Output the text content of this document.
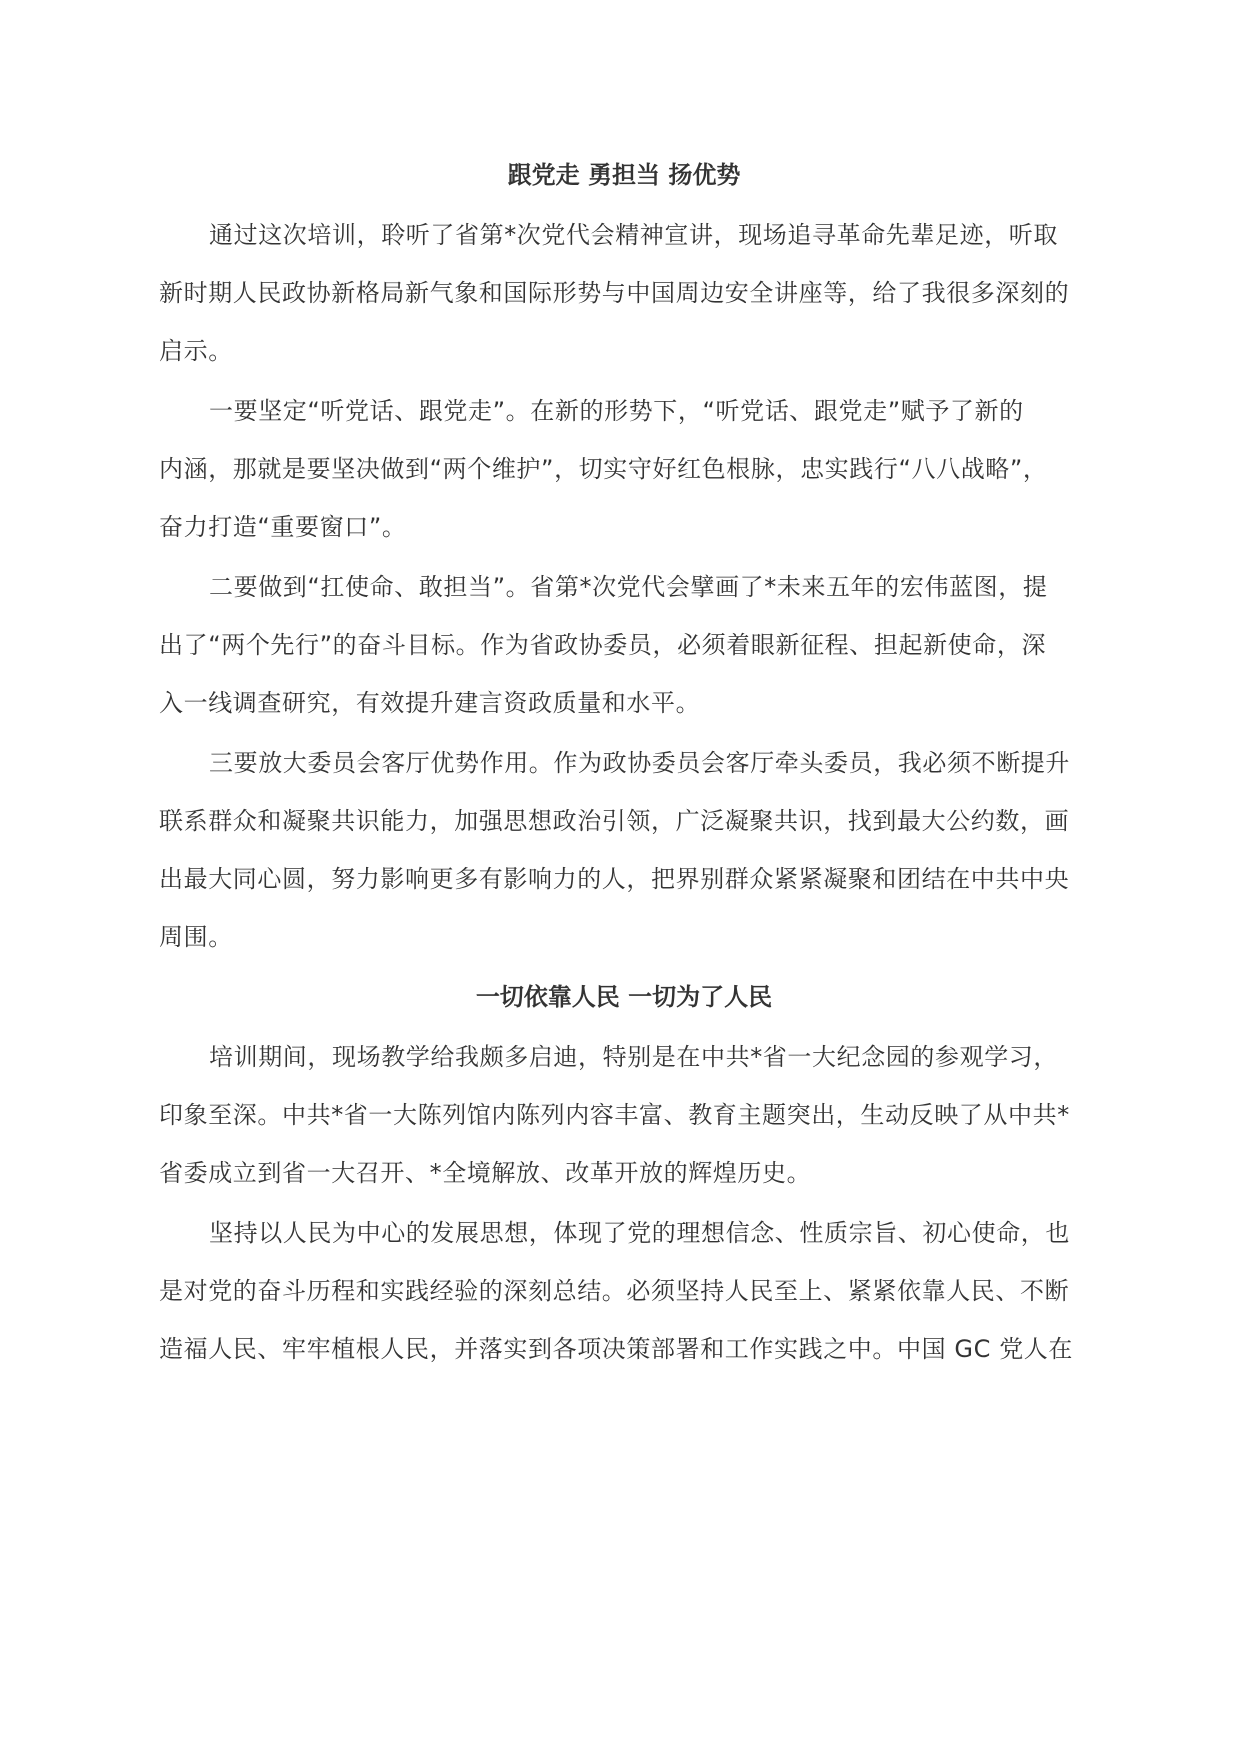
跟党走 勇担当 扬优势
通过这次培训，聆听了省第*次党代会精神宣讲，现场追寻革命先辈足迹，听取
新时期人民政协新格局新气象和国际形势与中国周边安全讲座等，给了我很多深刻的
启示。
一要坚定“听党话、跟党走”。在新的形势下，“听党话、跟党走”赋予了新的
内涵，那就是要坚决做到“两个维护”，切实守好红色根脉，忠实践行“八八战略”，
奋力打造“重要窗口”。
二要做到“扛使命、敢担当”。省第*次党代会擘画了*未来五年的宏伟蓝图，提
出了“两个先行”的奋斗目标。作为省政协委员，必须着眼新征程、担起新使命，深
入一线调查研究，有效提升建言资政质量和水平。
三要放大委员会客厅优势作用。作为政协委员会客厅牵头委员，我必须不断提升
联系群众和凝聚共识能力，加强思想政治引领，广泛凝聚共识，找到最大公约数，画
出最大同心圆，努力影响更多有影响力的人，把界别群众紧紧凝聚和团结在中共中央
周围。
一切依靠人民 一切为了人民
培训期间，现场教学给我颇多启迪，特别是在中共*省一大纪念园的参观学习，
印象至深。中共*省一大陈列馆内陈列内容丰富、教育主题突出，生动反映了从中共*
省委成立到省一大召开、*全境解放、改革开放的辉煌历史。
坚持以人民为中心的发展思想，体现了党的理想信念、性质宗旨、初心使命，也
是对党的奋斗历程和实践经验的深刻总结。必须坚持人民至上、紧紧依靠人民、不断
造福人民、牢牢植根人民，并落实到各项决策部署和工作实践之中。中国 GC 党人在
